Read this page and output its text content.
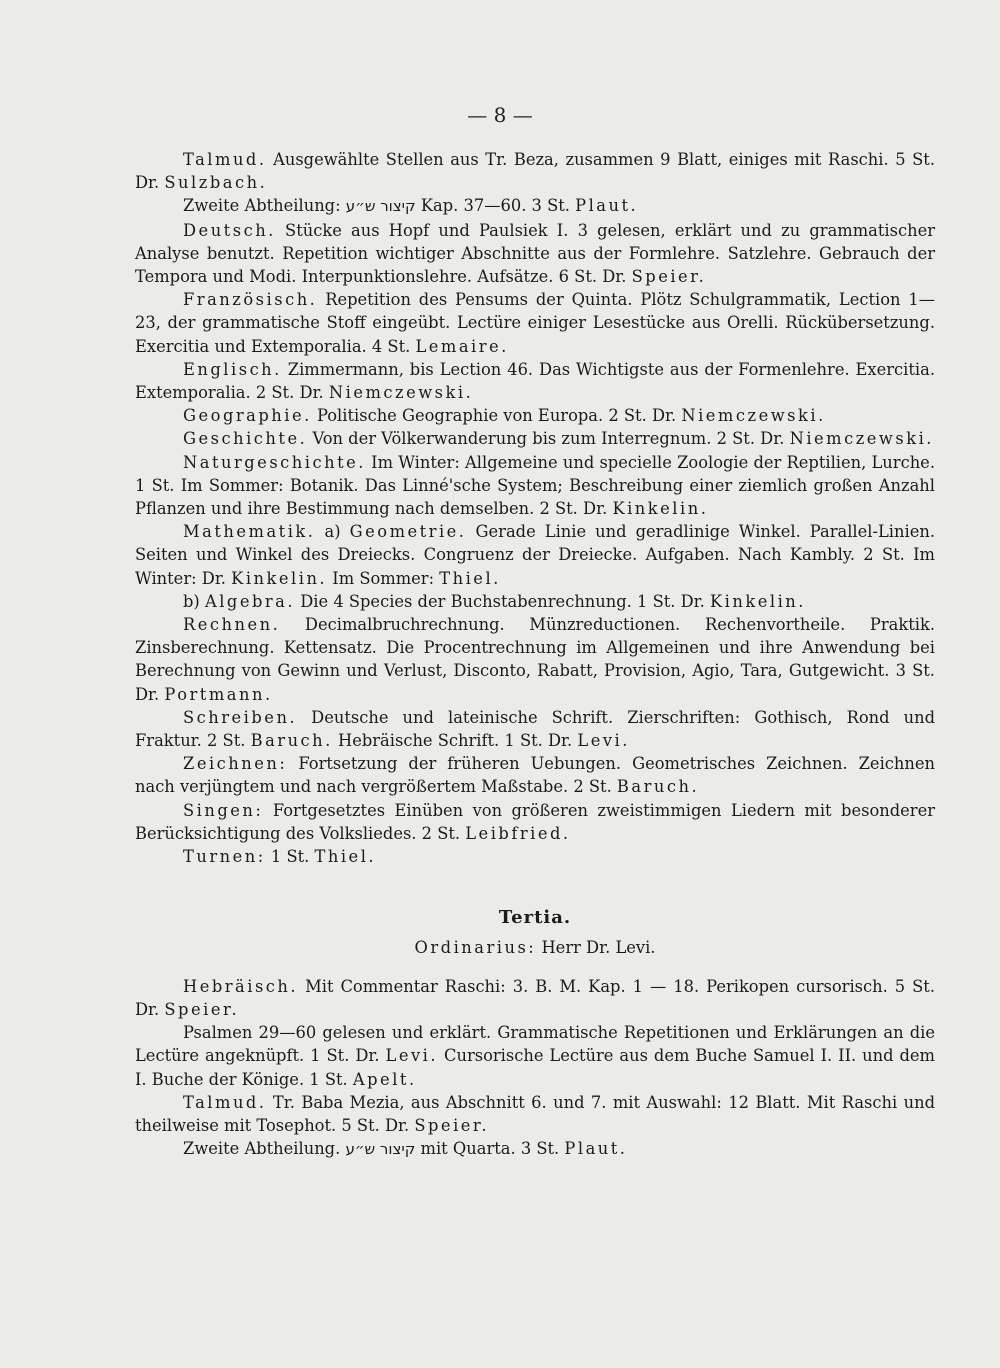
— 8 —

Talmud. Ausgewählte Stellen aus Tr. Beza, zusammen 9 Blatt, einiges mit Raschi. 5 St. Dr. Sulzbach.

Zweite Abtheilung: קיצור ש״ע Kap. 37—60. 3 St. Plaut.

Deutsch. Stücke aus Hopf und Paulsiek I. 3 gelesen, erklärt und zu grammatischer Analyse benutzt. Repetition wichtiger Abschnitte aus der Formlehre. Satzlehre. Gebrauch der Tempora und Modi. Interpunktionslehre. Aufsätze. 6 St. Dr. Speier.

Französisch. Repetition des Pensums der Quinta. Plötz Schulgrammatik, Lection 1—23, der grammatische Stoff eingeübt. Lectüre einiger Lesestücke aus Orelli. Rückübersetzung. Exercitia und Extemporalia. 4 St. Lemaire.

Englisch. Zimmermann, bis Lection 46. Das Wichtigste aus der Formenlehre. Exercitia. Extemporalia. 2 St. Dr. Niemczewski.

Geographie. Politische Geographie von Europa. 2 St. Dr. Niemczewski.

Geschichte. Von der Völkerwanderung bis zum Interregnum. 2 St. Dr. Niemczewski.

Naturgeschichte. Im Winter: Allgemeine und specielle Zoologie der Reptilien, Lurche. 1 St. Im Sommer: Botanik. Das Linné'sche System; Beschreibung einer ziemlich großen Anzahl Pflanzen und ihre Bestimmung nach demselben. 2 St. Dr. Kinkelin.

Mathematik. a) Geometrie. Gerade Linie und geradlinige Winkel. Parallel-Linien. Seiten und Winkel des Dreiecks. Congruenz der Dreiecke. Aufgaben. Nach Kambly. 2 St. Im Winter: Dr. Kinkelin. Im Sommer: Thiel.

b) Algebra. Die 4 Species der Buchstabenrechnung. 1 St. Dr. Kinkelin.

Rechnen. Decimalbruchrechnung. Münzreductionen. Rechenvortheile. Praktik. Zinsberechnung. Kettensatz. Die Procentrechnung im Allgemeinen und ihre Anwendung bei Berechnung von Gewinn und Verlust, Disconto, Rabatt, Provision, Agio, Tara, Gutgewicht. 3 St. Dr. Portmann.

Schreiben. Deutsche und lateinische Schrift. Zierschriften: Gothisch, Rond und Fraktur. 2 St. Baruch. Hebräische Schrift. 1 St. Dr. Levi.

Zeichnen: Fortsetzung der früheren Uebungen. Geometrisches Zeichnen. Zeichnen nach verjüngtem und nach vergrößertem Maßstabe. 2 St. Baruch.

Singen: Fortgesetztes Einüben von größeren zweistimmigen Liedern mit besonderer Berücksichtigung des Volksliedes. 2 St. Leibfried.

Turnen: 1 St. Thiel.

Tertia.
Ordinarius: Herr Dr. Levi.

Hebräisch. Mit Commentar Raschi: 3. B. M. Kap. 1 — 18. Perikopen cursorisch. 5 St. Dr. Speier.

Psalmen 29—60 gelesen und erklärt. Grammatische Repetitionen und Erklärungen an die Lectüre angeknüpft. 1 St. Dr. Levi. Cursorische Lectüre aus dem Buche Samuel I. II. und dem I. Buche der Könige. 1 St. Apelt.

Talmud. Tr. Baba Mezia, aus Abschnitt 6. und 7. mit Auswahl: 12 Blatt. Mit Raschi und theilweise mit Tosephot. 5 St. Dr. Speier.

Zweite Abtheilung. קיצור ש״ע mit Quarta. 3 St. Plaut.
